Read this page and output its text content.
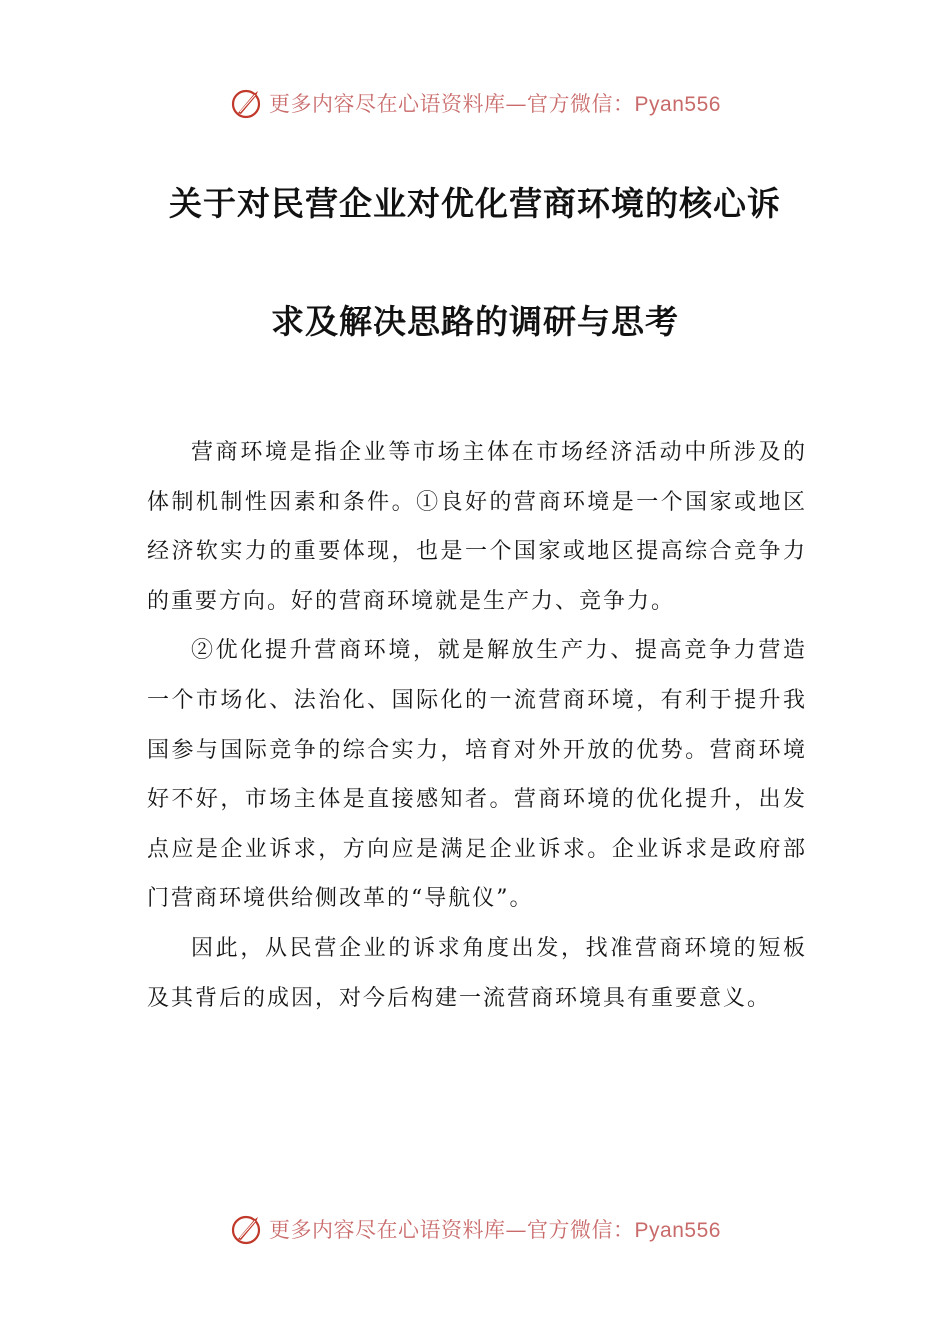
更多内容尽在心语资料库—官方微信：Pyan556
关于对民营企业对优化营商环境的核心诉
求及解决思路的调研与思考

营商环境是指企业等市场主体在市场经济活动中所涉及的体制机制性因素和条件。①良好的营商环境是一个国家或地区经济软实力的重要体现，也是一个国家或地区提高综合竞争力的重要方向。好的营商环境就是生产力、竞争力。

②优化提升营商环境，就是解放生产力、提高竞争力营造一个市场化、法治化、国际化的一流营商环境，有利于提升我国参与国际竞争的综合实力，培育对外开放的优势。营商环境好不好，市场主体是直接感知者。营商环境的优化提升，出发点应是企业诉求，方向应是满足企业诉求。企业诉求是政府部门营商环境供给侧改革的“导航仪”。

因此，从民营企业的诉求角度出发，找准营商环境的短板及其背后的成因，对今后构建一流营商环境具有重要意义。

更多内容尽在心语资料库—官方微信：Pyan556
